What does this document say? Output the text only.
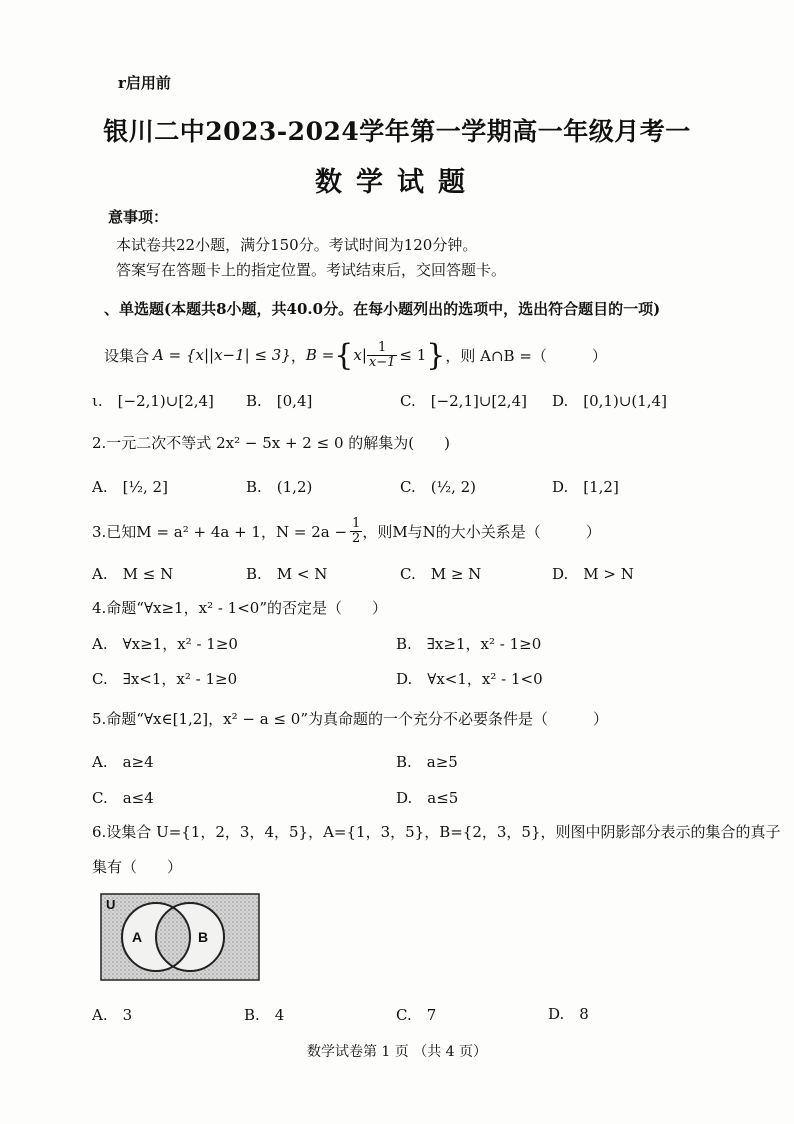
r启用前
银川二中2023-2024学年第一学期高一年级月考一
数学试题
意事项：
本试卷共22小题，满分150分。考试时间为120分钟。
答案写在答题卡上的指定位置。考试结束后，交回答题卡。
、单选题(本题共8小题，共40.0分。在每小题列出的选项中，选出符合题目的一项)
设集合 A = {x||x−1| ≤ 3} ， B = { $x| \frac{1}{x-1} \le 1$ } ，则 A∩B =（　　　）
ι.　[−2,1)∪[2,4] B.　[0,4]	C.　[−2,1]∪[2,4] D.　[0,1)∪(1,4]
2.一元二次不等式 2x² − 5x + 2 ≤ 0 的解集为(　　)
A.　[½, 2]	B.　(1,2)	C.　(½, 2)	D.　[1,2]
3.已知M = a² + 4a + 1，$N = 2a - \frac{1}{2}$ ，则M与N的大小关系是（　　　）
A.　M ≤ N	B.　M < N	C.　M ≥ N	D.　M > N
4.命题“∀x≥1，x² - 1<0”的否定是（　　）
A.　∀x≥1，x² - 1≥0	B.　∃x≥1，x² - 1≥0
C.　∃x<1，x² - 1≥0	D.　∀x<1，x² - 1<0
5.命题“∀x∈[1,2]，x² − a ≤ 0”为真命题的一个充分不必要条件是（　　　）
A.　a≥4	B.　a≥5
C.　a≤4	D.　a≤5
6.设集合 U={1，2，3，4，5}，A={1，3，5}，B={2，3，5}，则图中阴影部分表示的集合的真子
集有（　　）
U
A	B
A.　3	B.　4	C.　7	D.　8
数学试卷第 1 页 （共 4 页）
